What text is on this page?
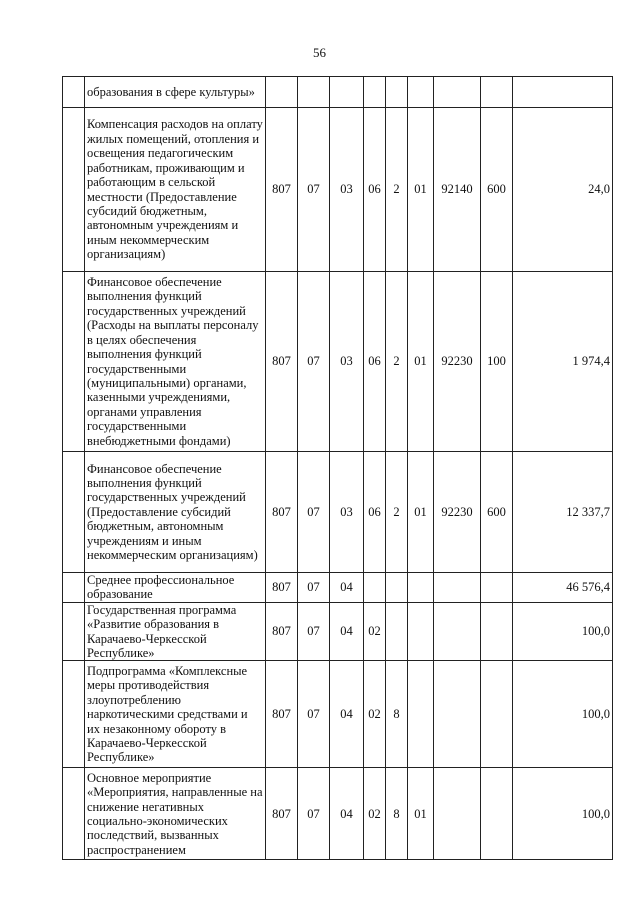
56
	образования в сфере культуры»									
	Компенсация расходов на оплату жилых помещений, отопления и освещения педагогическим работникам, проживающим и работающим в сельской местности (Предоставление субсидий бюджетным, автономным учреждениям и иным некоммерческим организациям)	807	07	03	06	2	01	92140	600	24,0
	Финансовое обеспечение выполнения функций государственных учреждений (Расходы на выплаты персоналу в целях обеспечения выполнения функций государственными (муниципальными) органами, казенными учреждениями, органами управления государственными внебюджетными фондами)	807	07	03	06	2	01	92230	100	1 974,4
	Финансовое обеспечение выполнения функций государственных учреждений (Предоставление субсидий бюджетным, автономным учреждениям и иным некоммерческим организациям)	807	07	03	06	2	01	92230	600	12 337,7
	Среднее профессиональное образование	807	07	04						46 576,4
	Государственная программа «Развитие образования в Карачаево-Черкесской Республике»	807	07	04	02					100,0
	Подпрограмма «Комплексные меры противодействия злоупотреблению наркотическими средствами и их незаконному обороту в Карачаево-Черкесской Республике»	807	07	04	02	8				100,0
	Основное мероприятие «Мероприятия, направленные на снижение негативных социально-экономических последствий, вызванных распространением	807	07	04	02	8	01			100,0
